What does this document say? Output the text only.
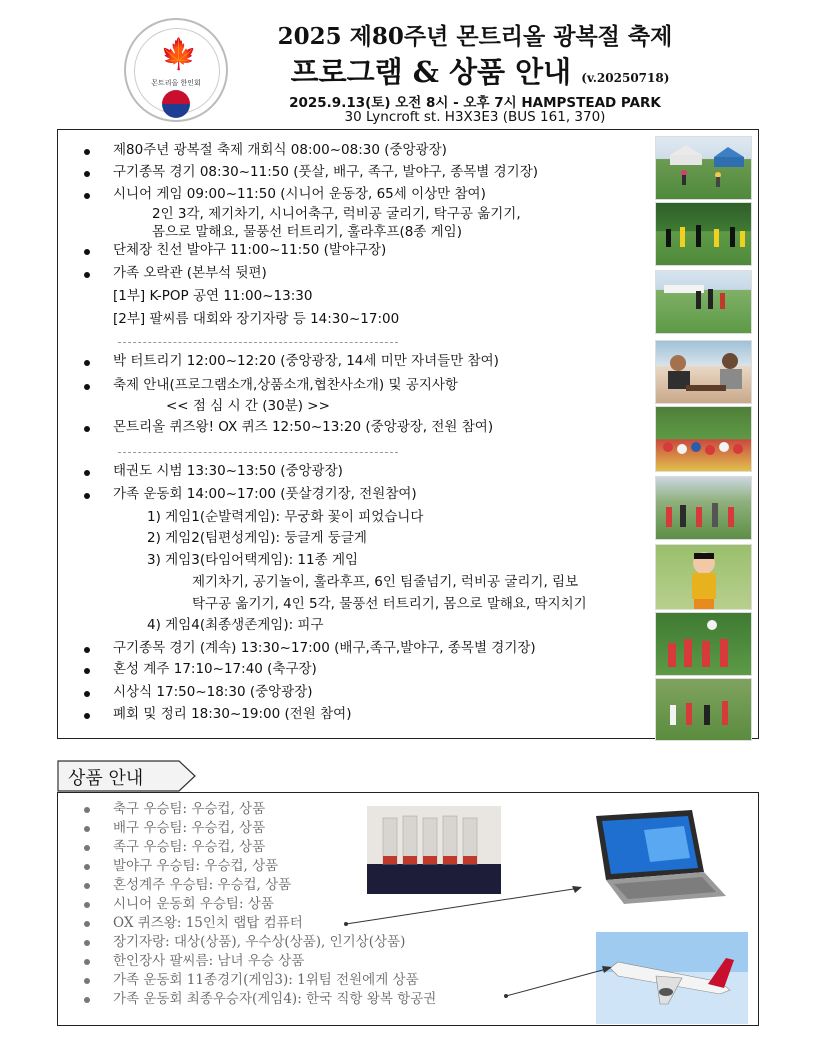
🍁
몬트리올 한인회
2025 제80주년 몬트리올 광복절 축제
프로그램 & 상품 안내 (v.20250718)
2025.9.13(토) 오전 8시 - 오후 7시 HAMPSTEAD PARK
30 Lyncroft st. H3X3E3 (BUS 161, 370)
제80주년 광복절 축제 개회식 08:00~08:30 (중앙광장)
구기종목 경기 08:30~11:50 (풋살, 배구, 족구, 발야구, 종목별 경기장)
시니어 게임 09:00~11:50 (시니어 운동장, 65세 이상만 참여)
2인 3각, 제기차기, 시니어축구, 럭비공 굴리기, 탁구공 옮기기,
몸으로 말해요, 물풍선 터트리기, 훌라후프(8종 게임)
단체장 친선 발야구 11:00~11:50 (발야구장)
가족 오락관 (본부석 뒷편)
[1부] K-POP 공연 11:00~13:30
[2부] 팔씨름 대회와 장기자랑 등 14:30~17:00
박 터트리기 12:00~12:20 (중앙광장, 14세 미만 자녀들만 참여)
축제 안내(프로그램소개,상품소개,협찬사소개) 및 공지사항
<< 점 심 시 간 (30분) >>
몬트리올 퀴즈왕! OX 퀴즈 12:50~13:20 (중앙광장, 전원 참여)
태권도 시범 13:30~13:50 (중앙광장)
가족 운동회 14:00~17:00 (풋살경기장, 전원참여)
1) 게임1(순발력게임): 무궁화 꽃이 피었습니다
2) 게임2(팀편성게임): 둥글게 둥글게
3) 게임3(타임어택게임): 11종 게임
제기차기, 공기놀이, 훌라후프, 6인 팀줄넘기, 럭비공 굴리기, 림보
탁구공 옮기기, 4인 5각, 물풍선 터트리기, 몸으로 말해요, 딱지치기
4) 게임4(최종생존게임): 피구
구기종목 경기 (계속) 13:30~17:00 (배구,족구,발야구, 종목별 경기장)
혼성 계주 17:10~17:40 (축구장)
시상식 17:50~18:30 (중앙광장)
폐회 및 정리 18:30~19:00 (전원 참여)
상품 안내
축구 우승팀: 우승컵, 상품
배구 우승팀: 우승컵, 상품
족구 우승팀: 우승컵, 상품
발야구 우승팀: 우승컵, 상품
혼성계주 우승팀: 우승컵, 상품
시니어 운동회 우승팀: 상품
OX 퀴즈왕: 15인치 랩탑 컴퓨터
장기자랑: 대상(상품), 우수상(상품), 인기상(상품)
한인장사 팔씨름: 남녀 우승 상품
가족 운동회 11종경기(게임3): 1위팀 전원에게 상품
가족 운동회 최종우승자(게임4): 한국 직항 왕복 항공권
